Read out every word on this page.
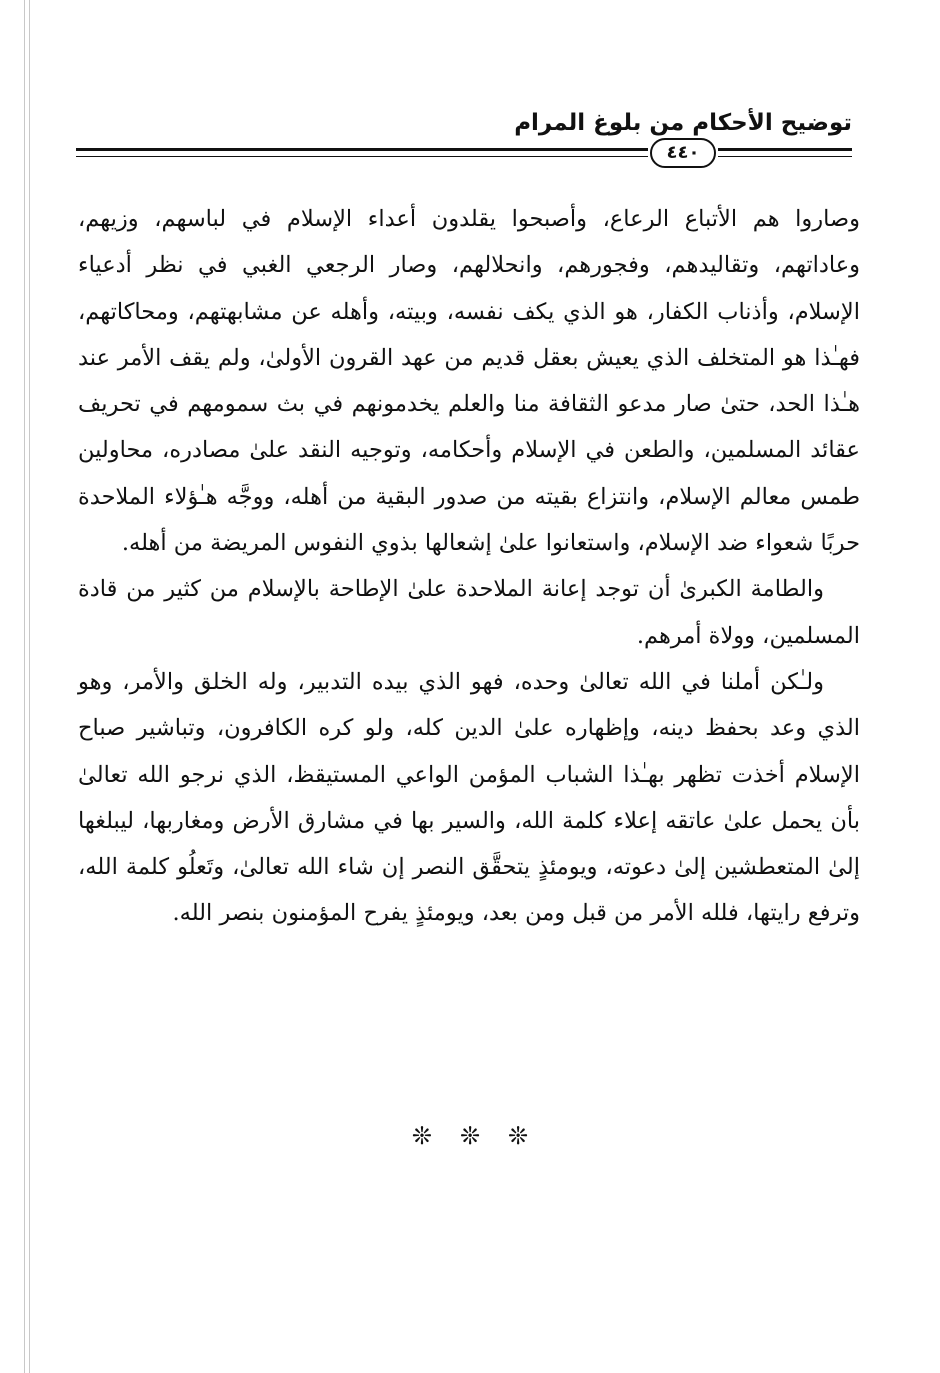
توضيح الأحكام من بلوغ المرام
٤٤٠

وصاروا هم الأتباع الرعاع، وأصبحوا يقلدون أعداء الإسلام في لباسهم، وزيهم، وعاداتهم، وتقاليدهم، وفجورهم، وانحلالهم، وصار الرجعي الغبي في نظر أدعياء الإسلام، وأذناب الكفار، هو الذي يكف نفسه، وبيته، وأهله عن مشابهتهم، ومحاكاتهم، فهـٰذا هو المتخلف الذي يعيش بعقل قديم من عهد القرون الأولىٰ، ولم يقف الأمر عند هـٰذا الحد، حتىٰ صار مدعو الثقافة منا والعلم يخدمونهم في بث سمومهم في تحريف عقائد المسلمين، والطعن في الإسلام وأحكامه، وتوجيه النقد علىٰ مصادره، محاولين طمس معالم الإسلام، وانتزاع بقيته من صدور البقية من أهله، ووجَّه هـٰؤلاء الملاحدة حربًا شعواء ضد الإسلام، واستعانوا علىٰ إشعالها بذوي النفوس المريضة من أهله.

والطامة الكبرىٰ أن توجد إعانة الملاحدة علىٰ الإطاحة بالإسلام من كثير من قادة المسلمين، وولاة أمرهم.

ولـٰكن أملنا في الله تعالىٰ وحده، فهو الذي بيده التدبير، وله الخلق والأمر، وهو الذي وعد بحفظ دينه، وإظهاره علىٰ الدين كله، ولو كره الكافرون، وتباشير صباح الإسلام أخذت تظهر بهـٰذا الشباب المؤمن الواعي المستيقظ، الذي نرجو الله تعالىٰ بأن يحمل علىٰ عاتقه إعلاء كلمة الله، والسير بها في مشارق الأرض ومغاربها، ليبلغها إلىٰ المتعطشين إلىٰ دعوته، ويومئذٍ يتحقَّق النصر إن شاء الله تعالىٰ، وتَعلُو كلمة الله، وترفع رايتها، فلله الأمر من قبل ومن بعد، ويومئذٍ يفرح المؤمنون بنصر الله.

❊❊❊
